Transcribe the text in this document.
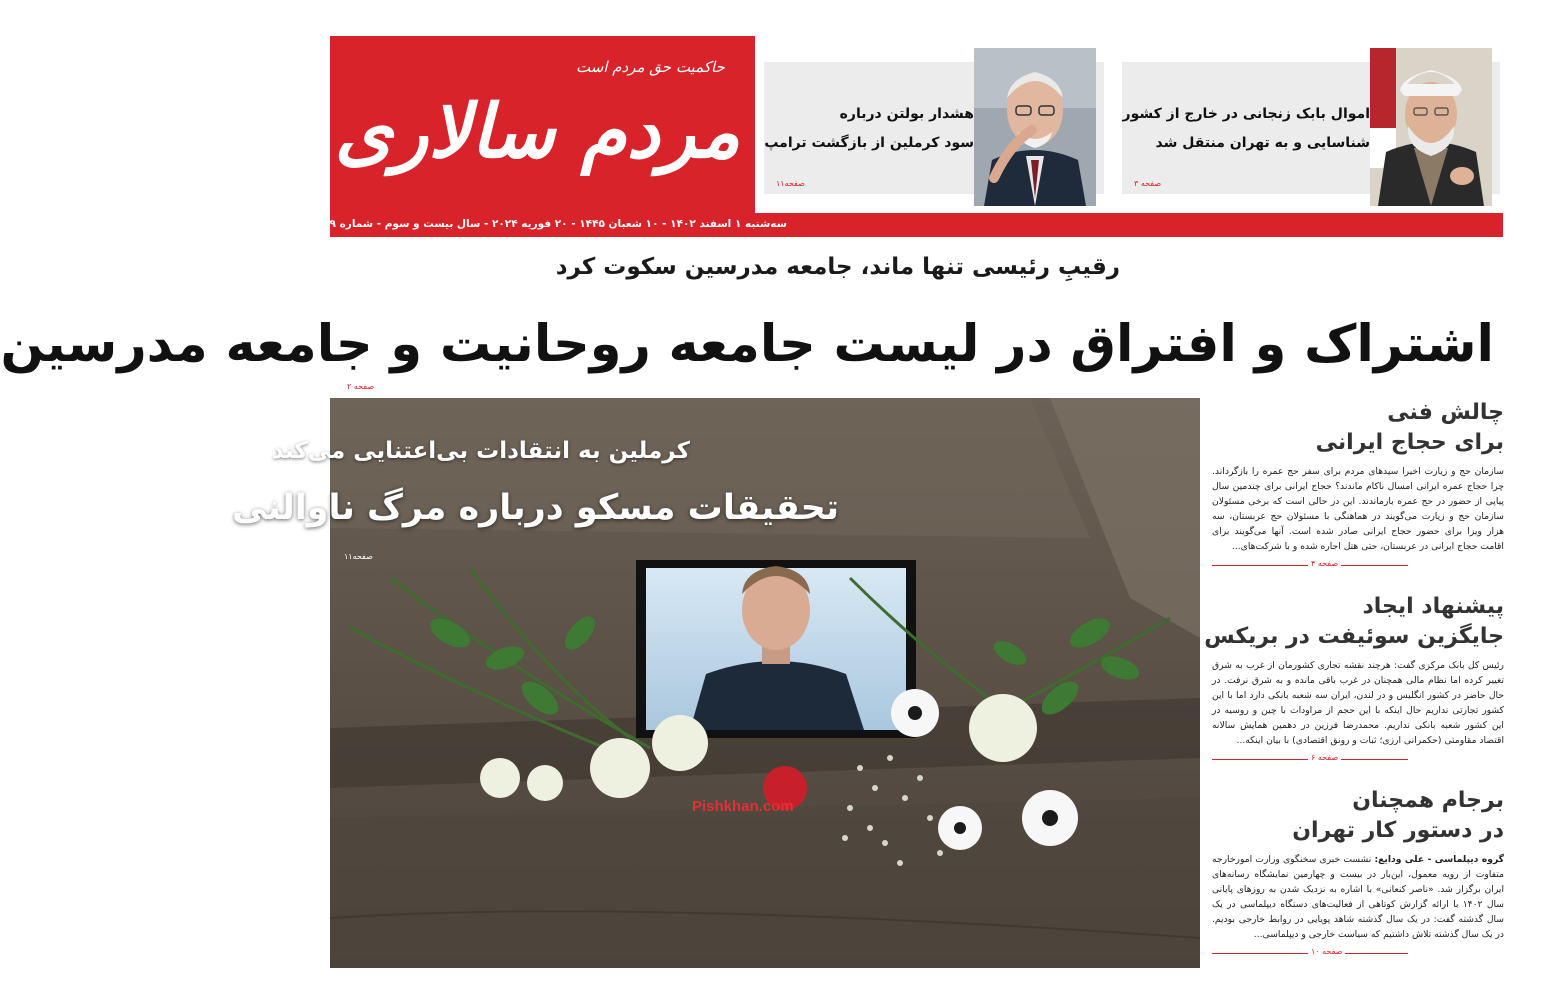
حاکمیت حق مردم است
مردم سالاری	هشدار بولتن درباره
سود کرملین از بازگشت ترامپ
صفحه۱۱
اموال بابک زنجانی در خارج از کشور
شناسایی و به تهران منتقل شد
صفحه ۳
سه‌شنبه ۱ اسفند ۱۴۰۲ - ۱۰ شعبان ۱۴۴۵ - ۲۰ فوریه ۲۰۲۴ - سال بیست و سوم - شماره ۶۲۰۹ - ۱۲ صفحه - ۷۰۰۰ تومان
رقیبِ رئیسی تنها ماند، جامعه مدرسین سکوت کرد
اشتراک و افتراق در لیست جامعه روحانیت و جامعه مدرسین
صفحه ۲
کرملین به انتقادات بی‌اعتنایی می‌کند
تحقیقات مسکو درباره مرگ ناوالنی
صفحه۱۱
Pishkhan.com
چالش فنی
برای حجاج ایرانی
سازمان حج و زیارت اخیرا سیدهای مردم برای سفر حج عمره را بازگرداند. چرا حجاج عمره ایرانی امسال ناکام ماندند؟ حجاج ایرانی برای چندمین سال پیاپی از حضور در حج عمره بازماندند. این در حالی است که برخی مسئولان سازمان حج و زیارت می‌گویند در هماهنگی با مسئولان حج عربستان، سه هزار ویزا برای حضور حجاج ایرانی صادر شده است. آنها می‌گویند برای اقامت حجاج ایرانی در عربستان، حتی هتل اجاره شده و با شرکت‌های...
صفحه ۴
پیشنهاد ایجاد
جایگزین سوئیفت در بریکس
رئیس کل بانک مرکزی گفت: هرچند نقشه تجاری کشورمان از غرب به شرق تغییر کرده اما نظام مالی همچنان در غرب باقی مانده و به شرق نرفت. در حال حاضر در کشور انگلیس و در لندن، ایران سه شعبه بانکی دارد اما با این کشور تجارتی نداریم حال اینکه با این حجم از مراودات با چین و روسیه در این کشور شعبه بانکی نداریم. محمدرضا فرزین در دهمین همایش سالانه اقتصاد مقاومتی (حکمرانی ارزی؛ ثبات و رونق اقتصادی) با بیان اینکه...
صفحه ۶
برجام همچنان
در دستور کار تهران
گروه دیپلماسی - علی ودایع: نشست خبری سخنگوی وزارت امورخارجه متفاوت از رویه معمول، این‌بار در بیست و چهارمین نمایشگاه رسانه‌های ایران برگزار شد. «ناصر کنعانی» با اشاره به نزدیک شدن به روزهای پایانی سال ۱۴۰۲ با ارائه گزارش کوتاهی از فعالیت‌های دستگاه دیپلماسی در یک سال گذشته گفت: در یک سال گذشته شاهد پویایی در روابط خارجی بودیم. در یک سال گذشته تلاش داشتیم که سیاست خارجی و دیپلماسی...
صفحه ۱۰
